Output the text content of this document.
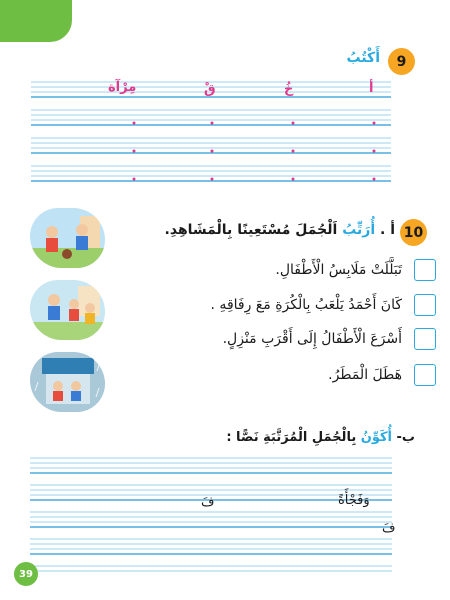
9
أَكْتُبُ
أ
خُ
قْ
مِرْآة
10
أ . أُرَتِّبُ اَلْجُمَلَ مُسْتَعِينًا بِالْمَشَاهِدِ.
تَبَلَّلَتْ مَلَابِسُ الْأَطْفَالِ.
كَانَ أَحْمَدُ يَلْعَبُ بِالْكُرَةِ مَعَ رِفَاقِهِ .
أَسْرَعَ الْأَطْفَالُ إِلَى أَقْرَبِ مَنْزِلٍ.
هَطَلَ الْمَطَرُ.
ب- أُكَوِّنُ بِالْجُمَلِ الْمُرَتَّبَةِ نَصًّا :
وَفَجْأَةً
فَ
فَ
39
